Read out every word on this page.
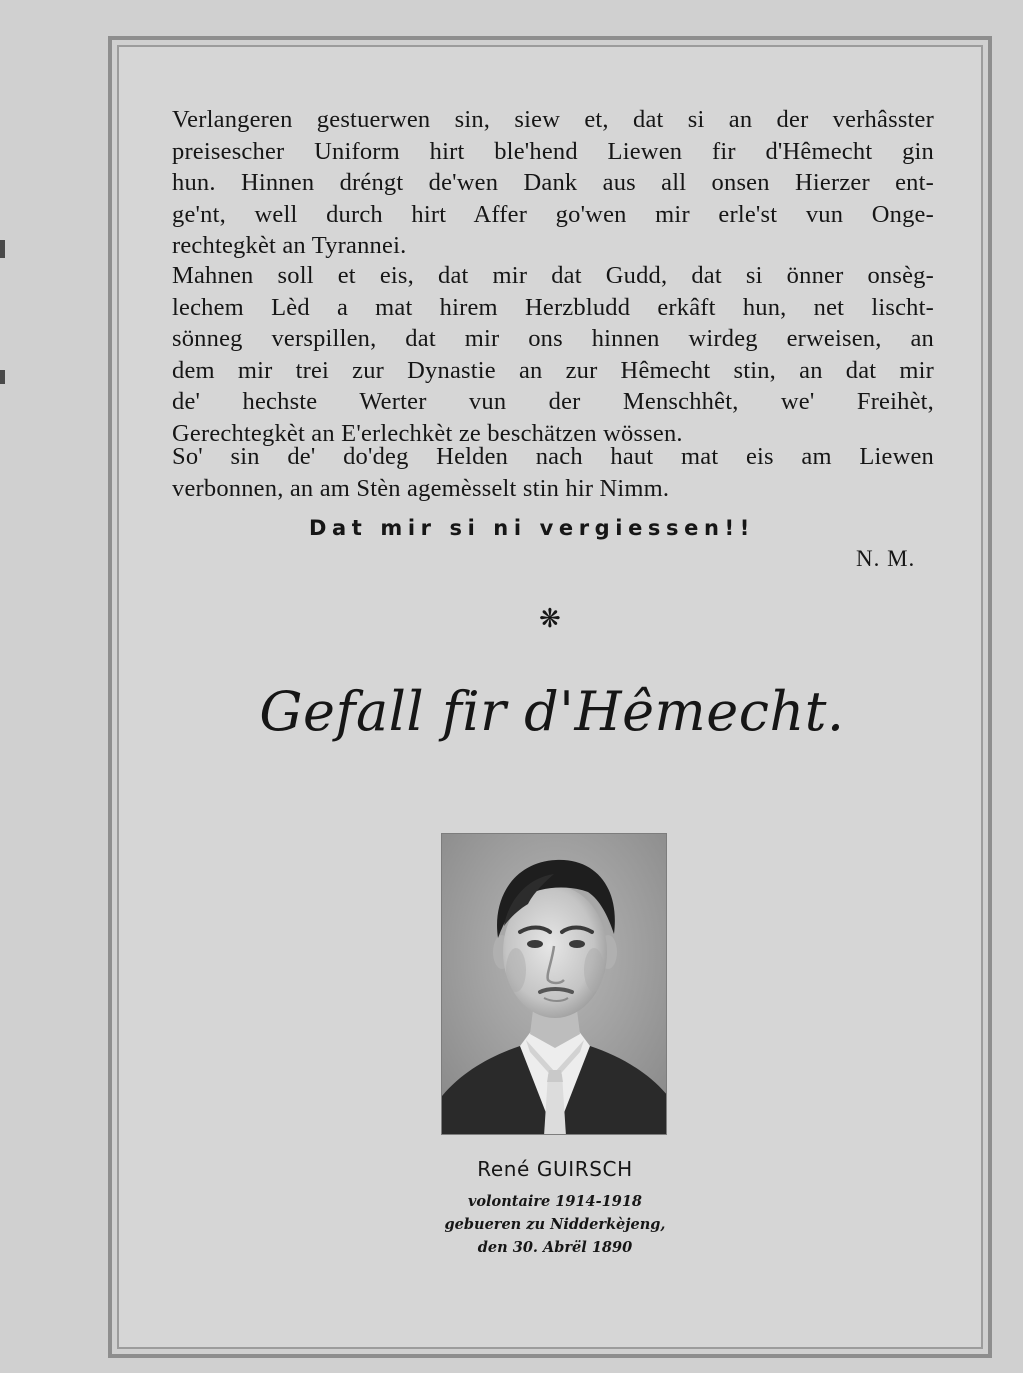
Verlangeren gestuerwen sin, siew et, dat si an der verhâsster
preisescher Uniform hirt ble'hend Liewen fir d'Hêmecht gin
hun. Hinnen dréngt de'wen Dank aus all onsen Hierzer ent-
ge'nt, well durch hirt Affer go'wen mir erle'st vun Onge-
rechtegkèt an Tyrannei.
Mahnen soll et eis, dat mir dat Gudd, dat si önner onsèg-
lechem Lèd a mat hirem Herzbludd erkâft hun, net lischt-
sönneg verspillen, dat mir ons hinnen wirdeg erweisen, an
dem mir trei zur Dynastie an zur Hêmecht stin, an dat mir
de' hechste Werter vun der Menschhêt, we' Freihèt,
Gerechtegkèt an E'erlechkèt ze beschätzen wössen.
So' sin de' do'deg Helden nach haut mat eis am Liewen
verbonnen, an am Stèn agemèsselt stin hir Nimm.
Dat mir si ni vergiessen!!
N. M.
❋
Gefall fir d'Hêmecht.
René GUIRSCH
volontaire 1914-1918
gebueren zu Nidderkèjeng,
den 30. Abrël 1890
